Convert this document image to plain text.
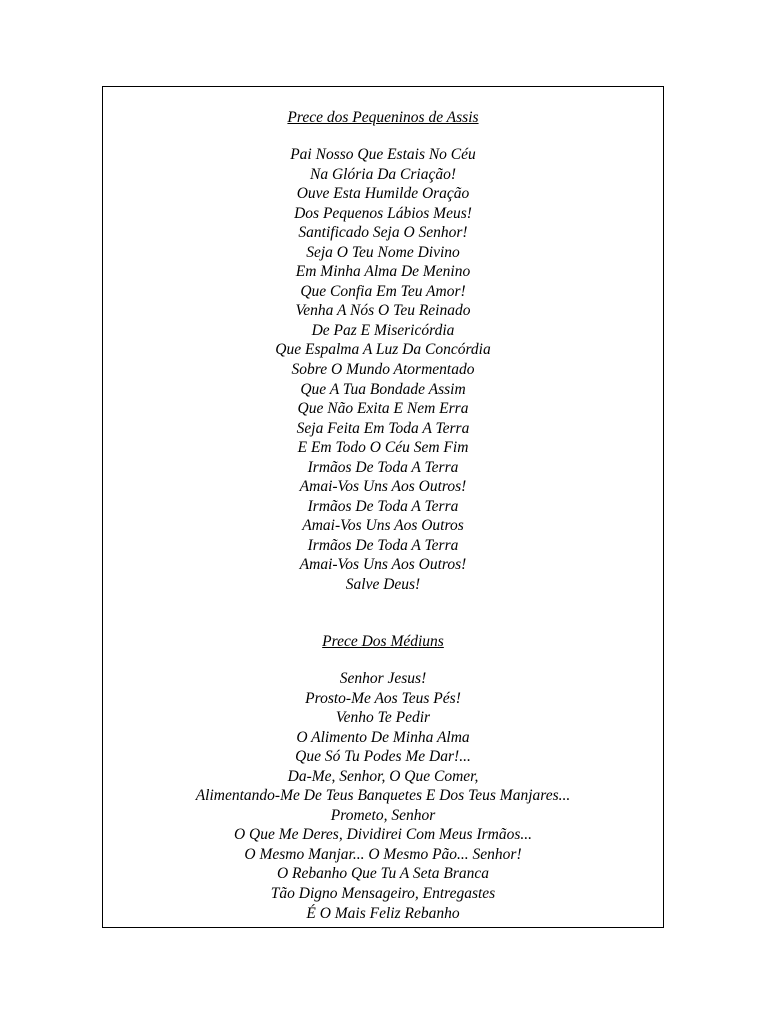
Prece dos Pequeninos de Assis
Pai Nosso Que Estais No Céu
Na Glória Da Criação!
Ouve Esta Humilde Oração
Dos Pequenos Lábios Meus!
Santificado Seja O Senhor!
Seja O Teu Nome Divino
Em Minha Alma De Menino
Que Confia Em Teu Amor!
Venha A Nós O Teu Reinado
De Paz E Misericórdia
Que Espalma A Luz Da Concórdia
Sobre O Mundo Atormentado
Que A Tua Bondade Assim
Que Não Exita E Nem Erra
Seja Feita Em Toda A Terra
E Em Todo O Céu Sem Fim
Irmãos De Toda A Terra
Amai-Vos Uns Aos Outros!
Irmãos De Toda A Terra
Amai-Vos Uns Aos Outros
Irmãos De Toda A Terra
Amai-Vos Uns Aos Outros!
Salve Deus!
Prece Dos Médiuns
Senhor Jesus!
Prosto-Me Aos Teus Pés!
Venho Te Pedir
O Alimento De Minha Alma
Que Só Tu Podes Me Dar!...
Da-Me, Senhor, O Que Comer,
Alimentando-Me De Teus Banquetes E Dos Teus Manjares...
Prometo, Senhor
O Que Me Deres, Dividirei Com Meus Irmãos...
O Mesmo Manjar... O Mesmo Pão... Senhor!
O Rebanho Que Tu A Seta Branca
Tão Digno Mensageiro, Entregastes
É O Mais Feliz Rebanho
